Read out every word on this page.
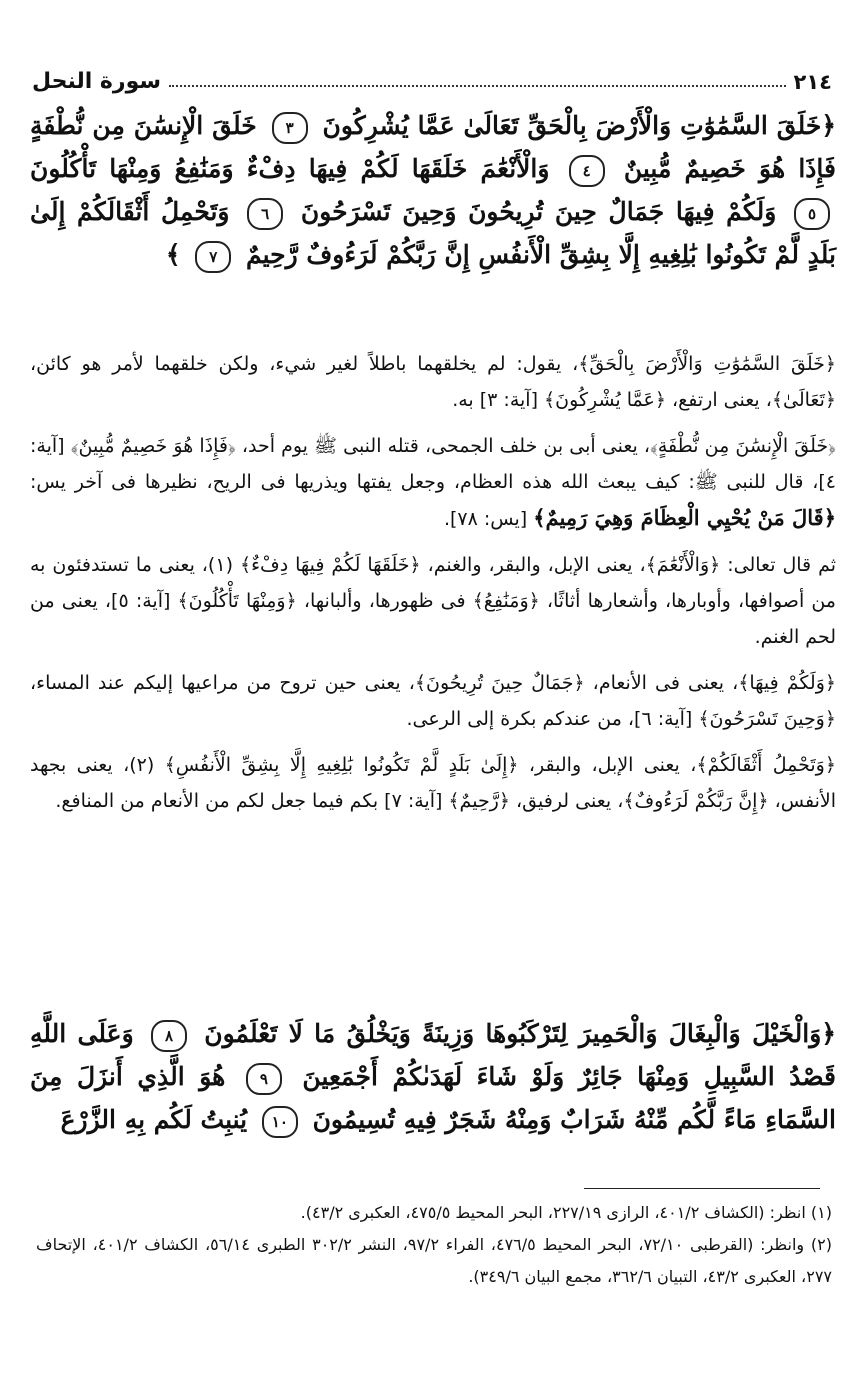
٢١٤
سورة النحل
﴿خَلَقَ السَّمَٰوَٰتِ وَالْأَرْضَ بِالْحَقِّ تَعَالَىٰ عَمَّا يُشْرِكُونَ ٣ خَلَقَ الْإِنسَٰنَ مِن نُّطْفَةٍ فَإِذَا هُوَ خَصِيمٌ مُّبِينٌ ٤ وَالْأَنْعَٰمَ خَلَقَهَا لَكُمْ فِيهَا دِفْءٌ وَمَنَٰفِعُ وَمِنْهَا تَأْكُلُونَ ٥ وَلَكُمْ فِيهَا جَمَالٌ حِينَ تُرِيحُونَ وَحِينَ تَسْرَحُونَ ٦ وَتَحْمِلُ أَثْقَالَكُمْ إِلَىٰ بَلَدٍ لَّمْ تَكُونُوا بَٰلِغِيهِ إِلَّا بِشِقِّ الْأَنفُسِ إِنَّ رَبَّكُمْ لَرَءُوفٌ رَّحِيمٌ ٧ ﴾

﴿خَلَقَ السَّمَٰوَٰتِ وَالْأَرْضَ بِالْحَقِّ﴾، يقول: لم يخلقهما باطلاً لغير شيء، ولكن خلقهما لأمر هو كائن، ﴿تَعَالَىٰ﴾، يعنى ارتفع، ﴿عَمَّا يُشْرِكُونَ﴾ [آية: ٣] به.

﴿خَلَقَ الْإِنسَٰنَ مِن نُّطْفَةٍ﴾، يعنى أبى بن خلف الجمحى، قتله النبى ﷺ يوم أحد، ﴿فَإِذَا هُوَ خَصِيمٌ مُّبِينٌ﴾ [آية: ٤]، قال للنبى ﷺ: كيف يبعث الله هذه العظام، وجعل يفتها ويذريها فى الريح، نظيرها فى آخر يس: ﴿قَالَ مَنْ يُحْيِي الْعِظَامَ وَهِيَ رَمِيمٌ﴾ [يس: ٧٨].

ثم قال تعالى: ﴿وَالْأَنْعَٰمَ﴾، يعنى الإبل، والبقر، والغنم، ﴿خَلَقَهَا لَكُمْ فِيهَا دِفْءٌ﴾ (١)، يعنى ما تستدفئون به من أصوافها، وأوبارها، وأشعارها أثاثًا، ﴿وَمَنَٰفِعُ﴾ فى ظهورها، وألبانها، ﴿وَمِنْهَا تَأْكُلُونَ﴾ [آية: ٥]، يعنى من لحم الغنم.

﴿وَلَكُمْ فِيهَا﴾، يعنى فى الأنعام، ﴿جَمَالٌ حِينَ تُرِيحُونَ﴾، يعنى حين تروح من مراعيها إليكم عند المساء، ﴿وَحِينَ تَسْرَحُونَ﴾ [آية: ٦]، من عندكم بكرة إلى الرعى.

﴿وَتَحْمِلُ أَثْقَالَكُمْ﴾، يعنى الإبل، والبقر، ﴿إِلَىٰ بَلَدٍ لَّمْ تَكُونُوا بَٰلِغِيهِ إِلَّا بِشِقِّ الْأَنفُسِ﴾ (٢)، يعنى بجهد الأنفس، ﴿إِنَّ رَبَّكُمْ لَرَءُوفٌ﴾، يعنى لرفيق، ﴿رَّحِيمٌ﴾ [آية: ٧] بكم فيما جعل لكم من الأنعام من المنافع.

﴿وَالْخَيْلَ وَالْبِغَالَ وَالْحَمِيرَ لِتَرْكَبُوهَا وَزِينَةً وَيَخْلُقُ مَا لَا تَعْلَمُونَ ٨ وَعَلَى اللَّهِ قَصْدُ السَّبِيلِ وَمِنْهَا جَائِرٌ وَلَوْ شَاءَ لَهَدَىٰكُمْ أَجْمَعِينَ ٩ هُوَ الَّذِي أَنزَلَ مِنَ السَّمَاءِ مَاءً لَّكُم مِّنْهُ شَرَابٌ وَمِنْهُ شَجَرٌ فِيهِ تُسِيمُونَ ١٠ يُنبِتُ لَكُم بِهِ الزَّرْعَ

(١) انظر: (الكشاف ٤٠١/٢، الرازى ٢٢٧/١٩، البحر المحيط ٤٧٥/٥، العكبرى ٤٣/٢).

(٢) وانظر: (القرطبى ٧٢/١٠، البحر المحيط ٤٧٦/٥، الفراء ٩٧/٢، النشر ٣٠٢/٢ الطبرى ٥٦/١٤، الكشاف ٤٠١/٢، الإتحاف ٢٧٧، العكبرى ٤٣/٢، التبيان ٣٦٢/٦، مجمع البيان ٣٤٩/٦).
